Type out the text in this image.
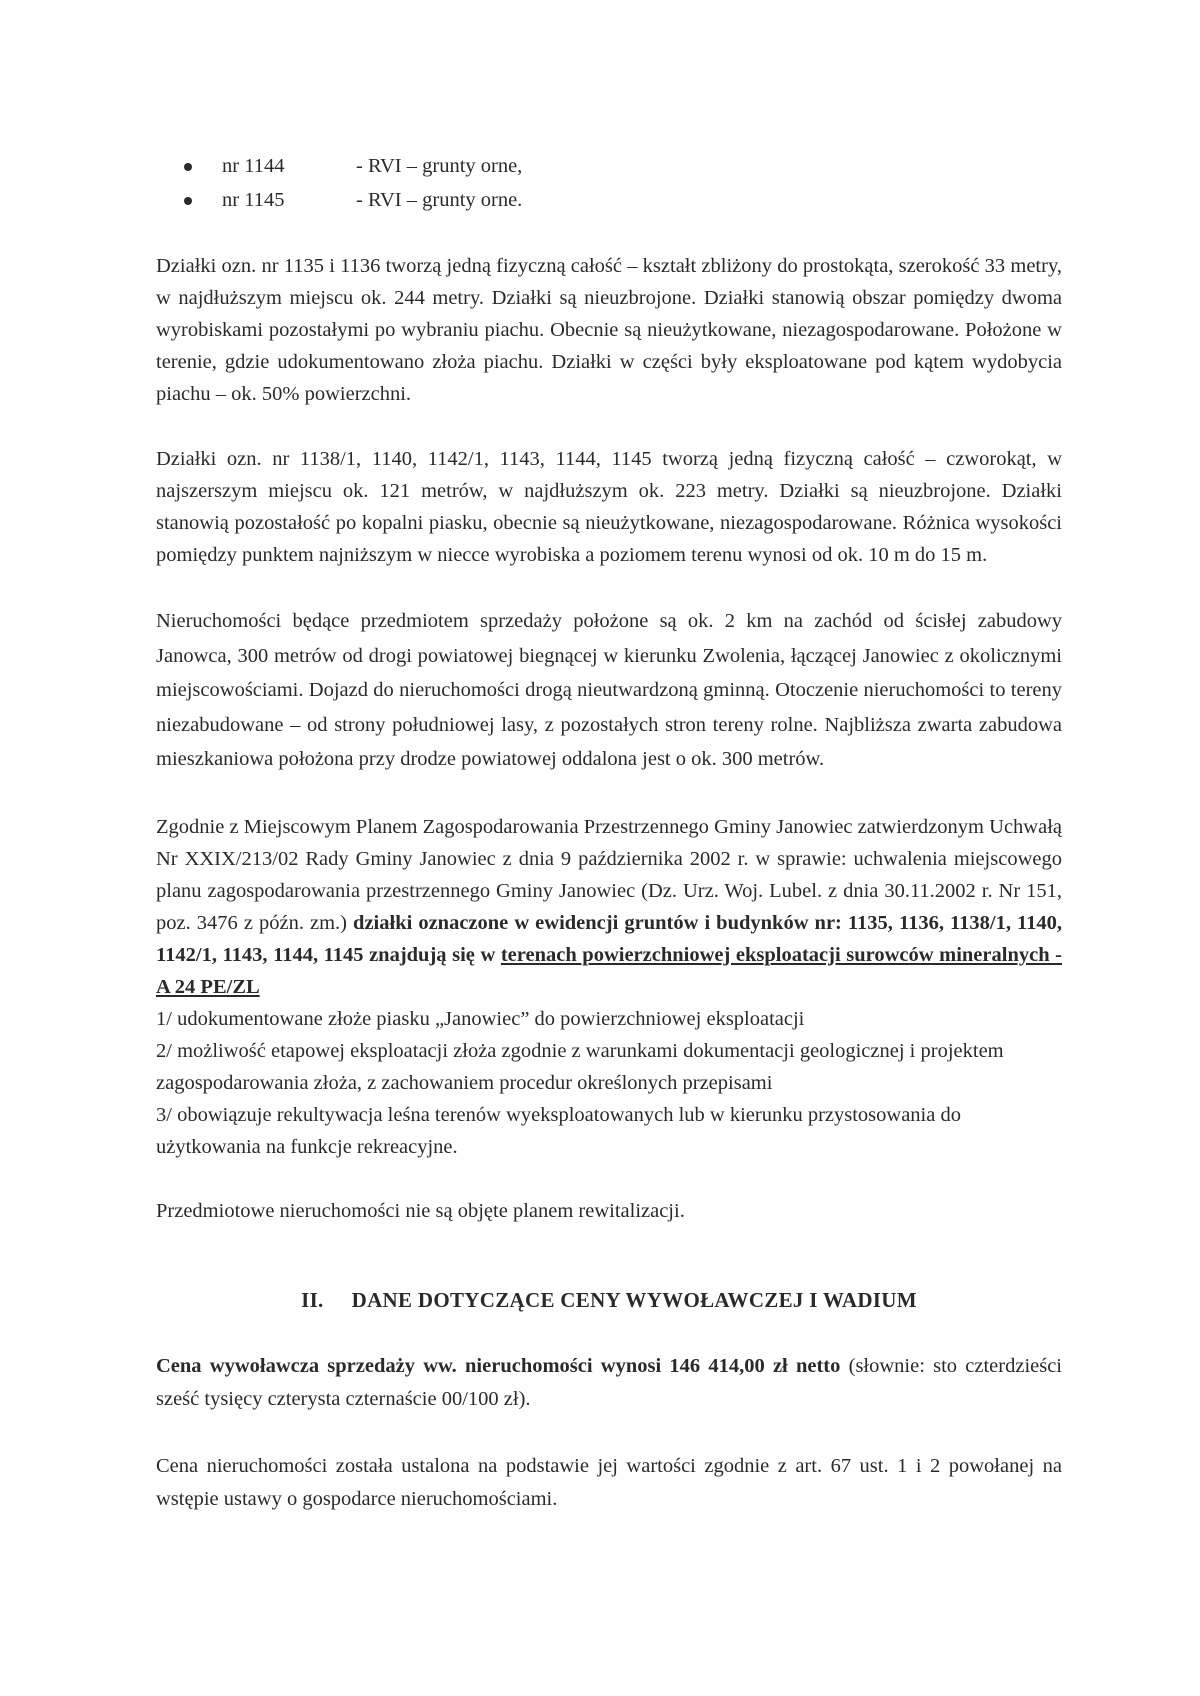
nr 1144	- RVI – grunty orne,
nr 1145	- RVI – grunty orne.

Działki ozn. nr 1135 i 1136 tworzą jedną fizyczną całość – kształt zbliżony do prostokąta, szerokość 33 metry, w najdłuższym miejscu ok. 244 metry. Działki są nieuzbrojone. Działki stanowią obszar pomiędzy dwoma wyrobiskami pozostałymi po wybraniu piachu. Obecnie są nieużytkowane, niezagospodarowane. Położone w terenie, gdzie udokumentowano złoża piachu. Działki w części były eksploatowane pod kątem wydobycia piachu – ok. 50% powierzchni.

Działki ozn. nr 1138/1, 1140, 1142/1, 1143, 1144, 1145 tworzą jedną fizyczną całość – czworokąt, w najszerszym miejscu ok. 121 metrów, w najdłuższym ok. 223 metry. Działki są nieuzbrojone. Działki stanowią pozostałość po kopalni piasku, obecnie są nieużytkowane, niezagospodarowane. Różnica wysokości pomiędzy punktem najniższym w niecce wyrobiska a poziomem terenu wynosi od ok. 10 m do 15 m.

Nieruchomości będące przedmiotem sprzedaży położone są ok. 2 km na zachód od ścisłej zabudowy Janowca, 300 metrów od drogi powiatowej biegnącej w kierunku Zwolenia, łączącej Janowiec z okolicznymi miejscowościami. Dojazd do nieruchomości drogą nieutwardzoną gminną. Otoczenie nieruchomości to tereny niezabudowane – od strony południowej lasy, z pozostałych stron tereny rolne. Najbliższa zwarta zabudowa mieszkaniowa położona przy drodze powiatowej oddalona jest o ok. 300 metrów.

Zgodnie z Miejscowym Planem Zagospodarowania Przestrzennego Gminy Janowiec zatwierdzonym Uchwałą Nr XXIX/213/02 Rady Gminy Janowiec z dnia 9 października 2002 r. w sprawie: uchwalenia miejscowego planu zagospodarowania przestrzennego Gminy Janowiec (Dz. Urz. Woj. Lubel. z dnia 30.11.2002 r. Nr 151, poz. 3476 z późn. zm.) działki oznaczone w ewidencji gruntów i budynków nr: 1135, 1136, 1138/1, 1140, 1142/1, 1143, 1144, 1145 znajdują się w terenach powierzchniowej eksploatacji surowców mineralnych - A 24 PE/ZL

1/ udokumentowane złoże piasku „Janowiec” do powierzchniowej eksploatacji
2/ możliwość etapowej eksploatacji złoża zgodnie z warunkami dokumentacji geologicznej i projektem zagospodarowania złoża, z zachowaniem procedur określonych przepisami
3/ obowiązuje rekultywacja leśna terenów wyeksploatowanych lub w kierunku przystosowania do użytkowania na funkcje rekreacyjne.

Przedmiotowe nieruchomości nie są objęte planem rewitalizacji.

II. DANE DOTYCZĄCE CENY WYWOŁAWCZEJ I WADIUM

Cena wywoławcza sprzedaży ww. nieruchomości wynosi 146 414,00 zł netto (słownie: sto czterdzieści sześć tysięcy czterysta czternaście 00/100 zł).

Cena nieruchomości została ustalona na podstawie jej wartości zgodnie z art. 67 ust. 1 i 2 powołanej na wstępie ustawy o gospodarce nieruchomościami.
